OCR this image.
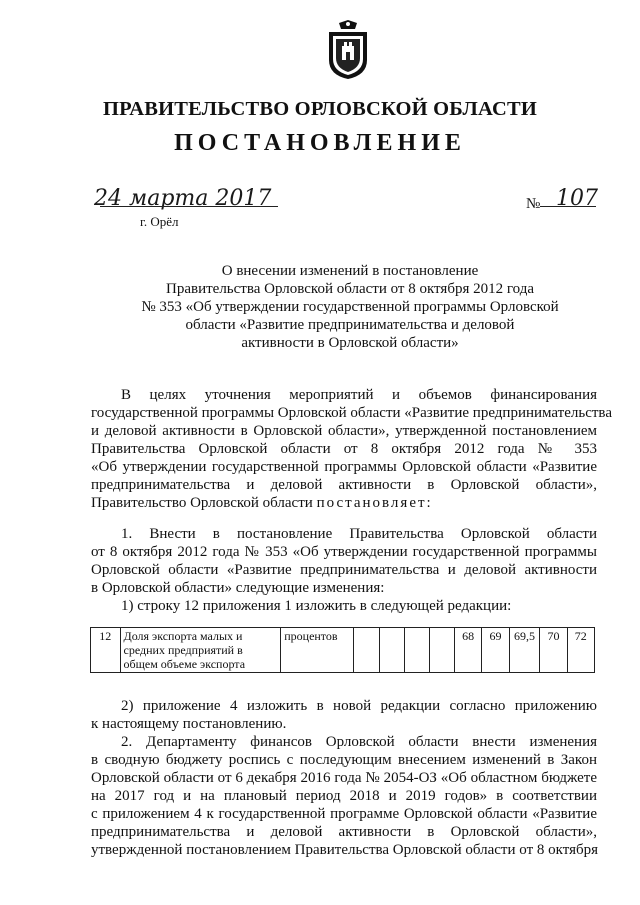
ПРАВИТЕЛЬСТВО ОРЛОВСКОЙ ОБЛАСТИ
ПОСТАНОВЛЕНИЕ
24 марта 2017
г. Орёл
№ 107
О внесении изменений в постановление
Правительства Орловской области от 8 октября 2012 года
№ 353 «Об утверждении государственной программы Орловской
области «Развитие предпринимательства и деловой
активности в Орловской области»
В целях уточнения мероприятий и объемов финансирования
государственной программы Орловской области «Развитие предпринимательства
и деловой активности в Орловской области», утвержденной постановлением
Правительства Орловской области от 8 октября 2012 года № 353
«Об утверждении государственной программы Орловской области «Развитие
предпринимательства и деловой активности в Орловской области»,
Правительство Орловской области постановляет:
1. Внести в постановление Правительства Орловской области
от 8 октября 2012 года № 353 «Об утверждении государственной программы
Орловской области «Развитие предпринимательства и деловой активности
в Орловской области» следующие изменения:
1) строку 12 приложения 1 изложить в следующей редакции:
12	Доля экспорта малых и средних предприятий в общем объеме экспорта	процентов					68	69	69,5	70	72
2) приложение 4 изложить в новой редакции согласно приложению
к настоящему постановлению.
2. Департаменту финансов Орловской области внести изменения
в сводную бюджету роспись с последующим внесением изменений в Закон
Орловской области от 6 декабря 2016 года № 2054-ОЗ «Об областном бюджете
на 2017 год и на плановый период 2018 и 2019 годов» в соответствии
с приложением 4 к государственной программе Орловской области «Развитие
предпринимательства и деловой активности в Орловской области»,
утвержденной постановлением Правительства Орловской области от 8 октября
